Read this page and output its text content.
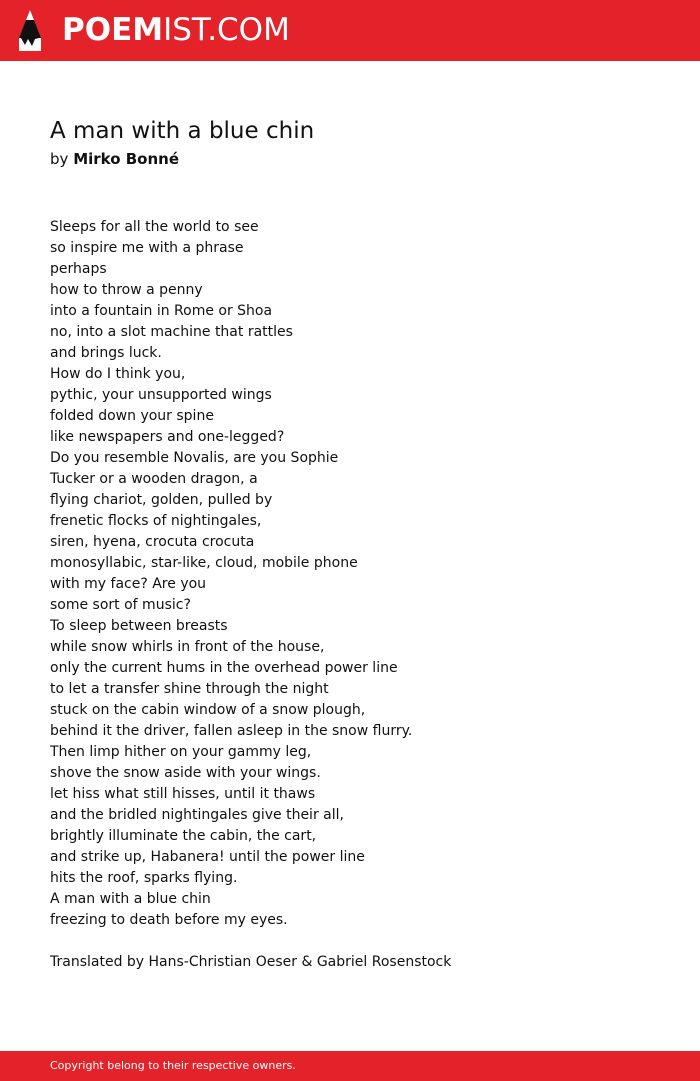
POEMIST.COM
A man with a blue chin
by Mirko Bonné
Sleeps for all the world to see
so inspire me with a phrase
perhaps
how to throw a penny
into a fountain in Rome or Shoa
no, into a slot machine that rattles
and brings luck.
How do I think you,
pythic, your unsupported wings
folded down your spine
like newspapers and one-legged?
Do you resemble Novalis, are you Sophie
Tucker or a wooden dragon, a
flying chariot, golden, pulled by
frenetic flocks of nightingales,
siren, hyena, crocuta crocuta
monosyllabic, star-like, cloud, mobile phone
with my face? Are you
some sort of music?
To sleep between breasts
while snow whirls in front of the house,
only the current hums in the overhead power line
to let a transfer shine through the night
stuck on the cabin window of a snow plough,
behind it the driver, fallen asleep in the snow flurry.
Then limp hither on your gammy leg,
shove the snow aside with your wings.
let hiss what still hisses, until it thaws
and the bridled nightingales give their all,
brightly illuminate the cabin, the cart,
and strike up, Habanera! until the power line
hits the roof, sparks flying.
A man with a blue chin
freezing to death before my eyes.
Translated by Hans-Christian Oeser & Gabriel Rosenstock
Copyright belong to their respective owners.
